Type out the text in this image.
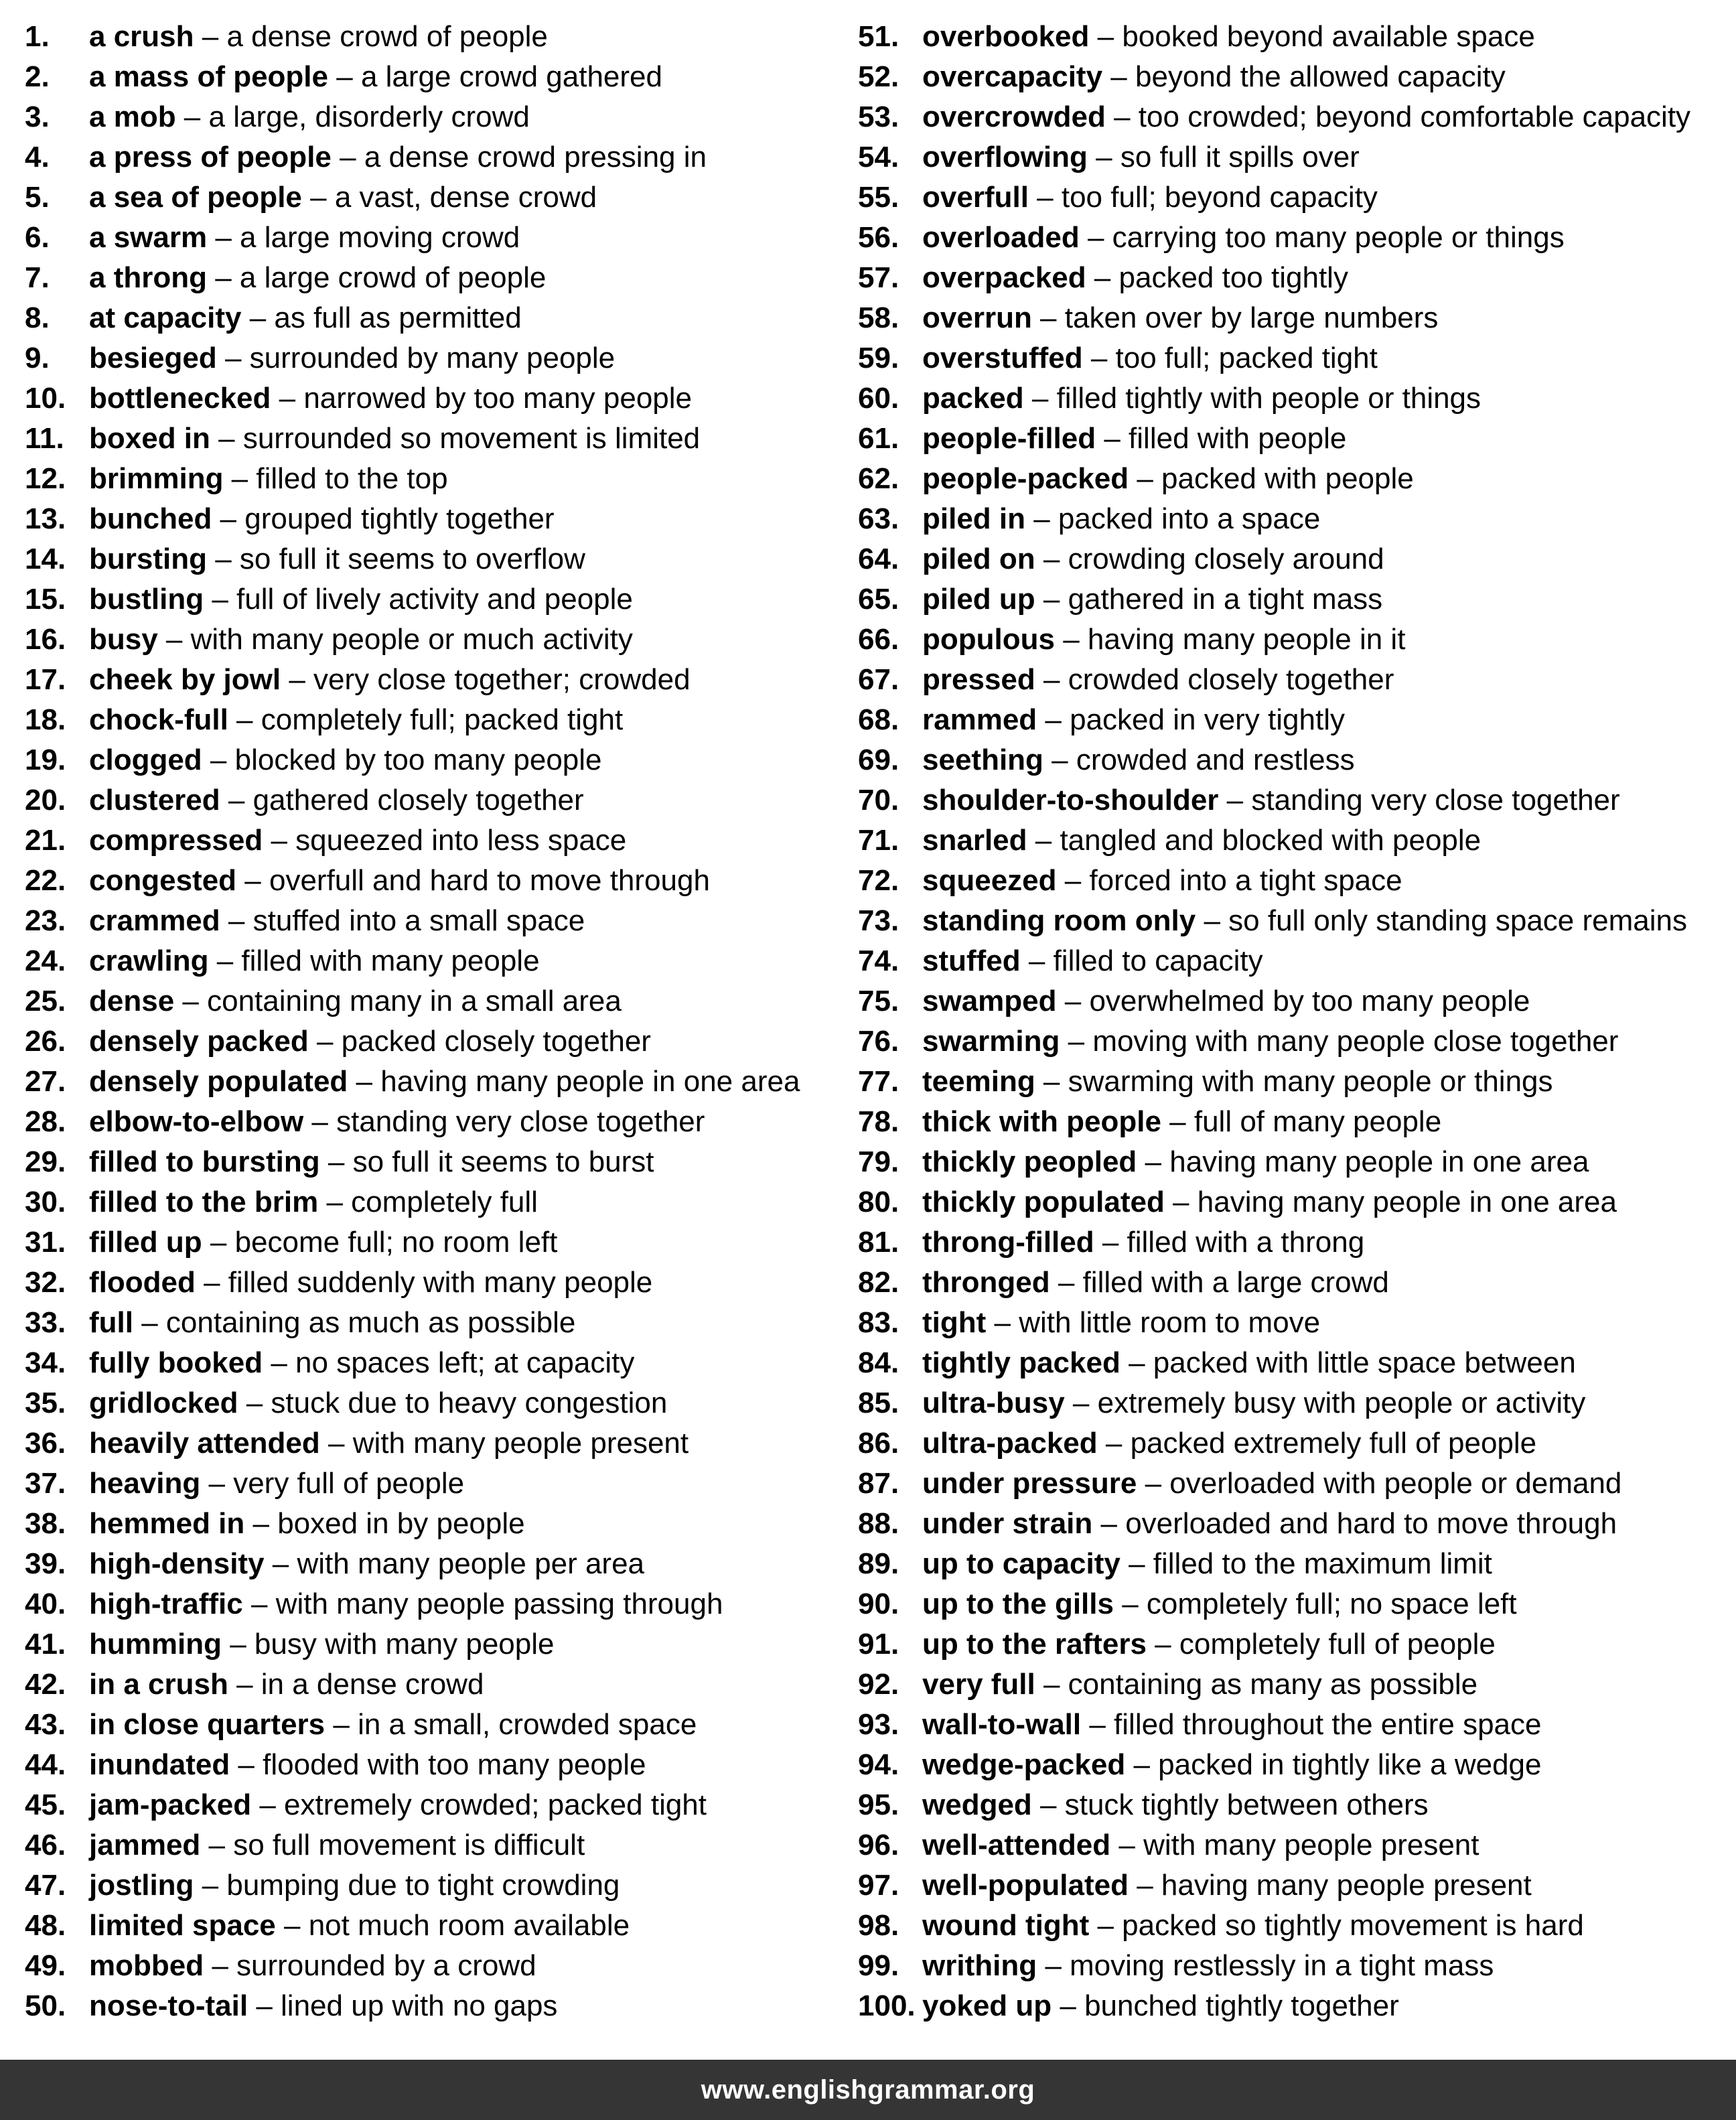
1.	a crush – a dense crowd of people
2.	a mass of people – a large crowd gathered
3.	a mob – a large, disorderly crowd
4.	a press of people – a dense crowd pressing in
5.	a sea of people – a vast, dense crowd
6.	a swarm – a large moving crowd
7.	a throng – a large crowd of people
8.	at capacity – as full as permitted
9.	besieged – surrounded by many people
10. bottlenecked – narrowed by too many people
11. boxed in – surrounded so movement is limited
12. brimming – filled to the top
13. bunched – grouped tightly together
14. bursting – so full it seems to overflow
15. bustling – full of lively activity and people
16. busy – with many people or much activity
17. cheek by jowl – very close together; crowded
18. chock-full – completely full; packed tight
19. clogged – blocked by too many people
20. clustered – gathered closely together
21. compressed – squeezed into less space
22. congested – overfull and hard to move through
23. crammed – stuffed into a small space
24. crawling – filled with many people
25. dense – containing many in a small area
26. densely packed – packed closely together
27. densely populated – having many people in one area
28. elbow-to-elbow – standing very close together
29. filled to bursting – so full it seems to burst
30. filled to the brim – completely full
31. filled up – become full; no room left
32. flooded – filled suddenly with many people
33. full – containing as much as possible
34. fully booked – no spaces left; at capacity
35. gridlocked – stuck due to heavy congestion
36. heavily attended – with many people present
37. heaving – very full of people
38. hemmed in – boxed in by people
39. high-density – with many people per area
40. high-traffic – with many people passing through
41. humming – busy with many people
42. in a crush – in a dense crowd
43. in close quarters – in a small, crowded space
44. inundated – flooded with too many people
45. jam-packed – extremely crowded; packed tight
46. jammed – so full movement is difficult
47. jostling – bumping due to tight crowding
48. limited space – not much room available
49. mobbed – surrounded by a crowd
50. nose-to-tail – lined up with no gaps
51. overbooked – booked beyond available space
52. overcapacity – beyond the allowed capacity
53. overcrowded – too crowded; beyond comfortable capacity
54. overflowing – so full it spills over
55. overfull – too full; beyond capacity
56. overloaded – carrying too many people or things
57. overpacked – packed too tightly
58. overrun – taken over by large numbers
59. overstuffed – too full; packed tight
60. packed – filled tightly with people or things
61. people-filled – filled with people
62. people-packed – packed with people
63. piled in – packed into a space
64. piled on – crowding closely around
65. piled up – gathered in a tight mass
66. populous – having many people in it
67. pressed – crowded closely together
68. rammed – packed in very tightly
69. seething – crowded and restless
70. shoulder-to-shoulder – standing very close together
71. snarled – tangled and blocked with people
72. squeezed – forced into a tight space
73. standing room only – so full only standing space remains
74. stuffed – filled to capacity
75. swamped – overwhelmed by too many people
76. swarming – moving with many people close together
77. teeming – swarming with many people or things
78. thick with people – full of many people
79. thickly peopled – having many people in one area
80. thickly populated – having many people in one area
81. throng-filled – filled with a throng
82. thronged – filled with a large crowd
83. tight – with little room to move
84. tightly packed – packed with little space between
85. ultra-busy – extremely busy with people or activity
86. ultra-packed – packed extremely full of people
87. under pressure – overloaded with people or demand
88. under strain – overloaded and hard to move through
89. up to capacity – filled to the maximum limit
90. up to the gills – completely full; no space left
91. up to the rafters – completely full of people
92. very full – containing as many as possible
93. wall-to-wall – filled throughout the entire space
94. wedge-packed – packed in tightly like a wedge
95. wedged – stuck tightly between others
96. well-attended – with many people present
97. well-populated – having many people present
98. wound tight – packed so tightly movement is hard
99. writhing – moving restlessly in a tight mass
100. yoked up – bunched tightly together
www.englishgrammar.org
